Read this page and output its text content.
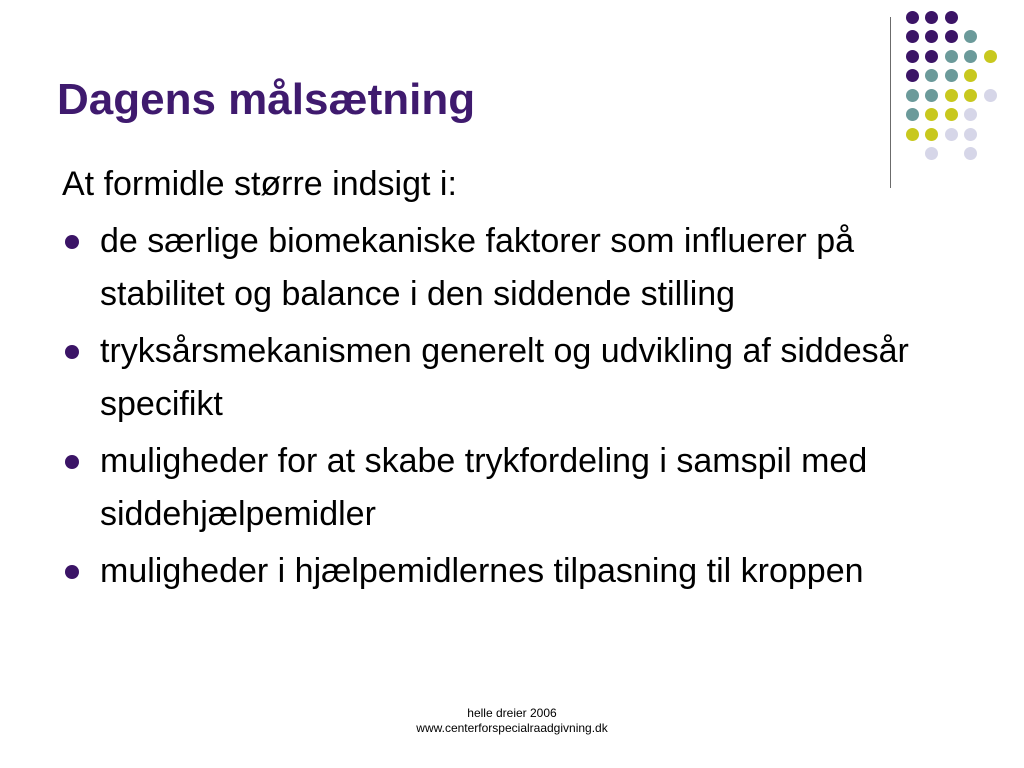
Dagens målsætning

At formidle større indsigt i:

de særlige biomekaniske faktorer som influerer på stabilitet og balance i den siddende stilling
tryksårsmekanismen generelt og udvikling af siddesår specifikt
muligheder for at skabe trykfordeling i samspil med siddehjælpemidler
muligheder i hjælpemidlernes tilpasning til kroppen
helle dreier 2006
www.centerforspecialraadgivning.dk
